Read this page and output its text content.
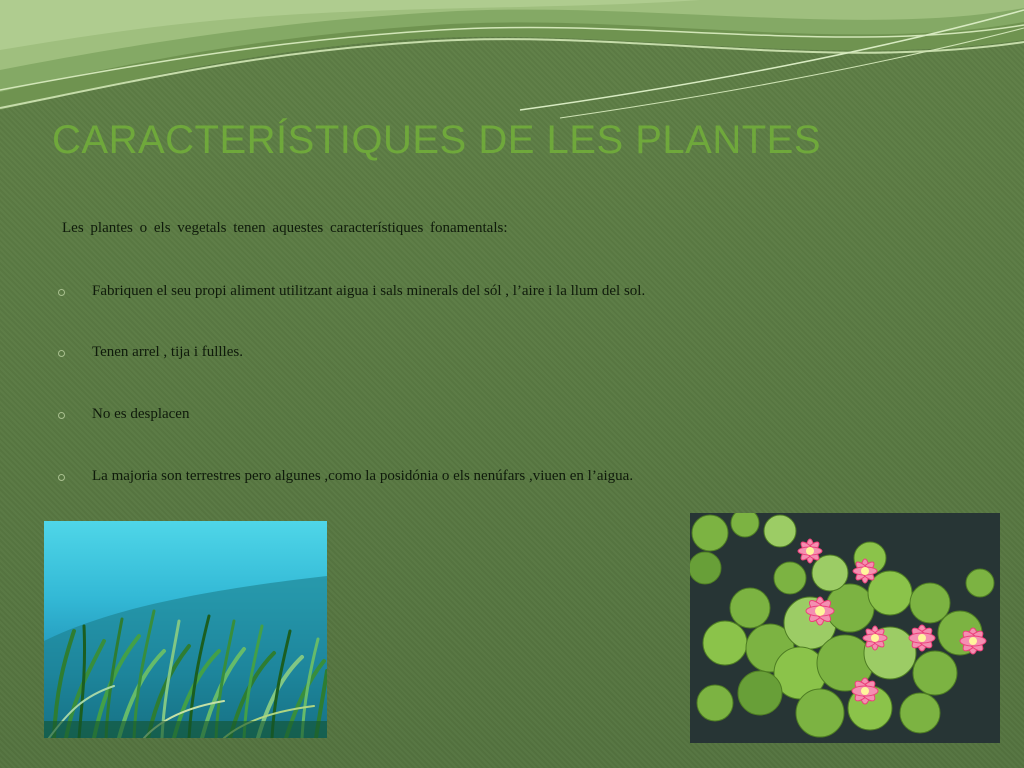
CARACTERÍSTIQUES DE LES PLANTES

Les plantes o els vegetals tenen aquestes característiques fonamentals:

Fabriquen el seu propi aliment utilitzant aigua i sals minerals del sól , l’aire i la llum del sol.
Tenen arrel , tija i fullles.
No es desplacen
La majoria son terrestres pero algunes ,como la posidónia o els nenúfars ,viuen en l’aigua.
